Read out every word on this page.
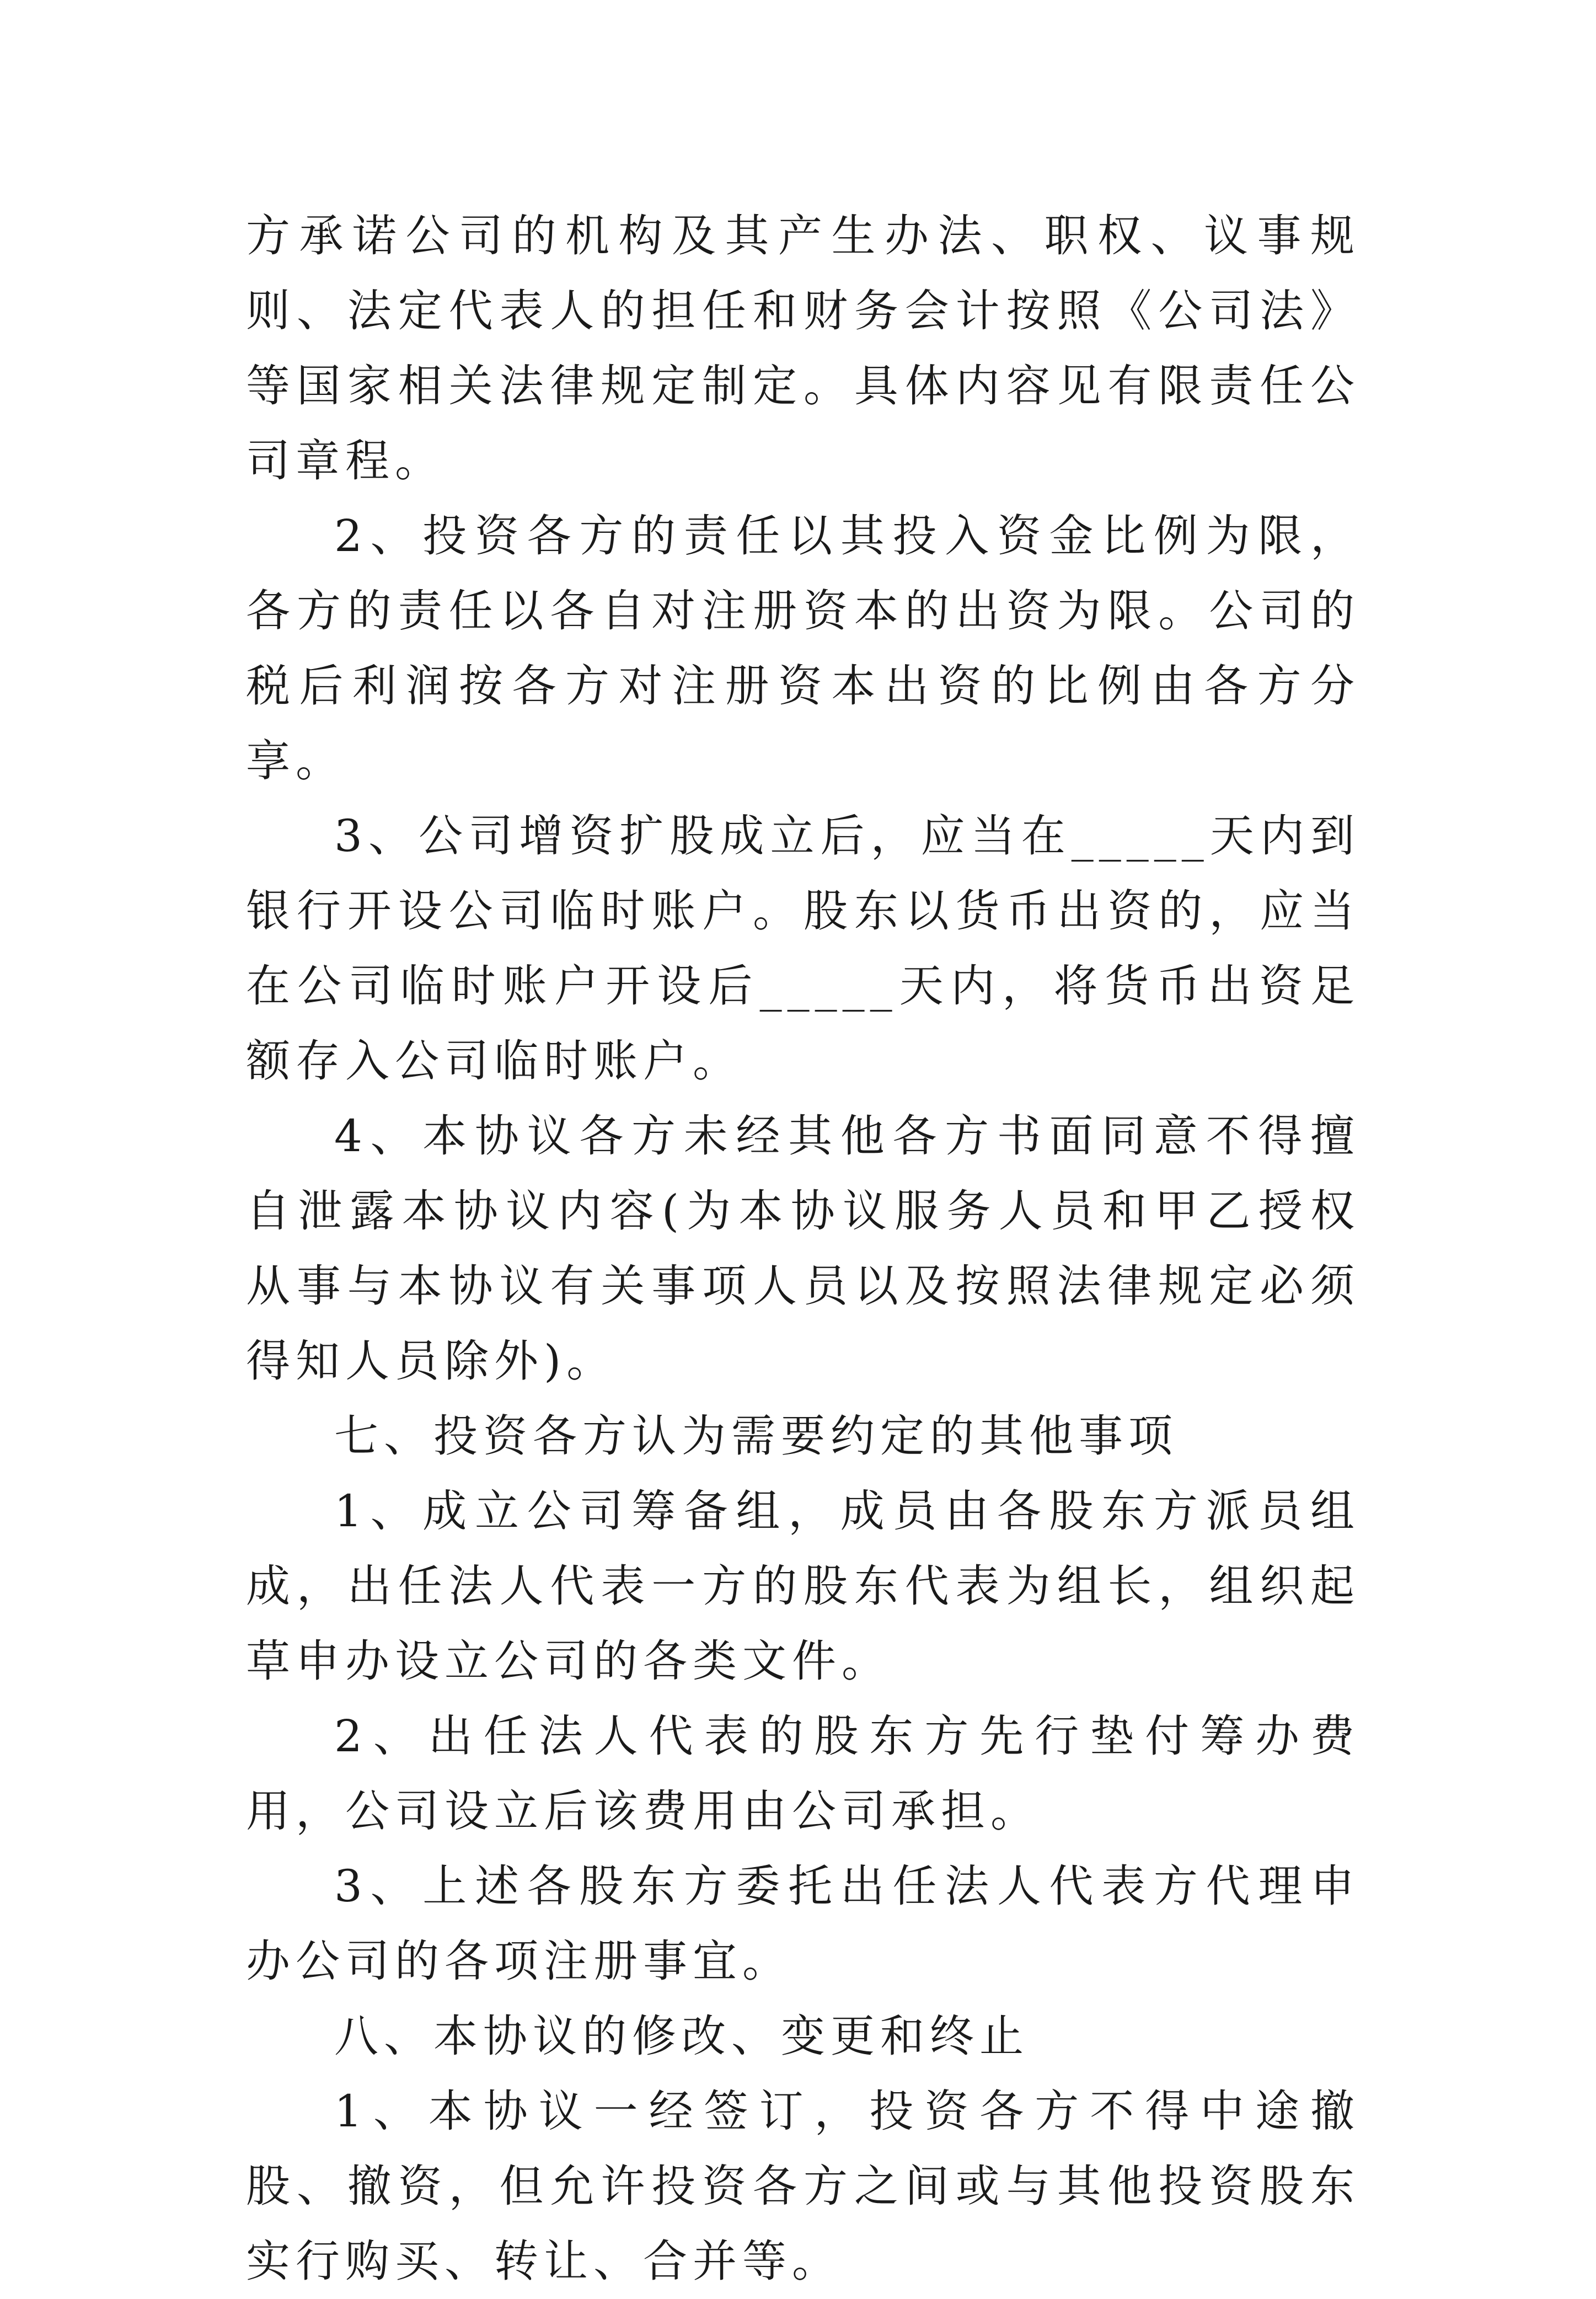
方承诺公司的机构及其产生办法、职权、议事规则、法定代表人的担任和财务会计按照《公司法》等国家相关法律规定制定。具体内容见有限责任公司章程。

2、投资各方的责任以其投入资金比例为限，各方的责任以各自对注册资本的出资为限。公司的税后利润按各方对注册资本出资的比例由各方分享。

3、公司增资扩股成立后，应当在_____天内到银行开设公司临时账户。股东以货币出资的，应当在公司临时账户开设后_____天内，将货币出资足额存入公司临时账户。

4、本协议各方未经其他各方书面同意不得擅自泄露本协议内容(为本协议服务人员和甲乙授权从事与本协议有关事项人员以及按照法律规定必须得知人员除外)。

七、投资各方认为需要约定的其他事项

1、成立公司筹备组，成员由各股东方派员组成，出任法人代表一方的股东代表为组长，组织起草申办设立公司的各类文件。

2、出任法人代表的股东方先行垫付筹办费用，公司设立后该费用由公司承担。

3、上述各股东方委托出任法人代表方代理申办公司的各项注册事宜。

八、本协议的修改、变更和终止

1、本协议一经签订，投资各方不得中途撤股、撤资，但允许投资各方之间或与其他投资股东实行购买、转让、合并等。
